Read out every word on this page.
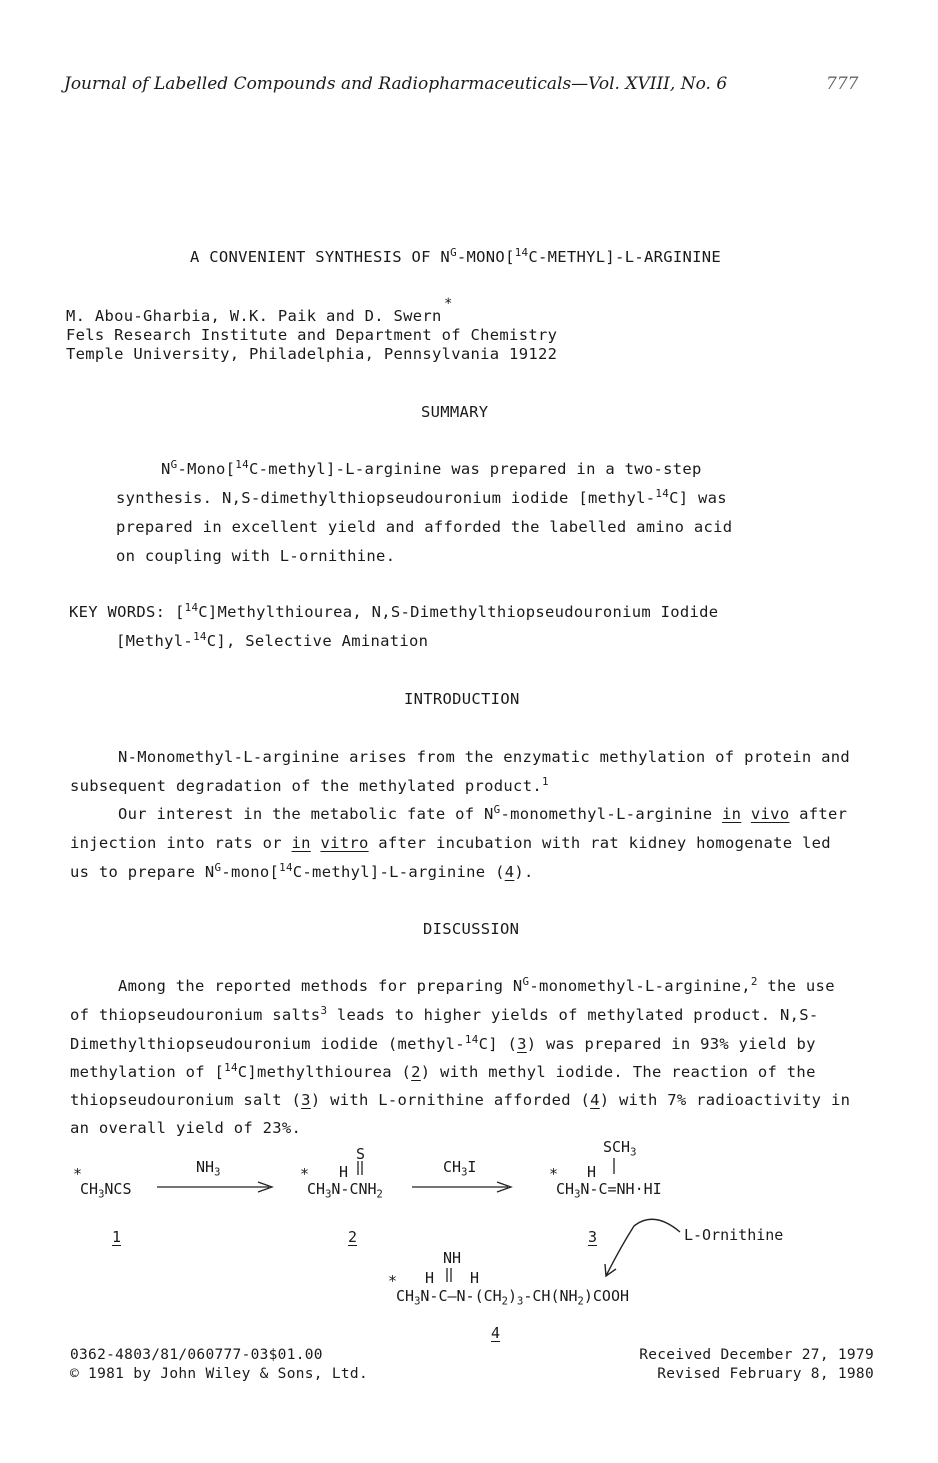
Journal of Labelled Compounds and Radiopharmaceuticals—Vol. XVIII, No. 6	777
A CONVENIENT SYNTHESIS OF $N^G-MONO[^{14}C-METHYL]-L$-ARGININE
*
M. Abou-Gharbia, W.K. Paik and D. Swern
Fels Research Institute and Department of Chemistry
Temple University, Philadelphia, Pennsylvania 19122
SUMMARY
$N^G-Mono[^{14}C-methyl]-L$-arginine was prepared in a two-step
synthesis. N,S-dimethylthiopseudouronium iodide [methyl-$^{14}$C] was
prepared in excellent yield and afforded the labelled amino acid
on coupling with L-ornithine.
KEY WORDS: [$^{14}$C]Methylthiourea, N,S-Dimethylthiopseudouronium Iodide
[Methyl-$^{14}$C], Selective Amination
INTRODUCTION
N-Monomethyl-L-arginine arises from the enzymatic methylation of protein and
subsequent degradation of the methylated product.$^1$
Our interest in the metabolic fate of $N^G-monomethyl-L$-arginine in vivo after
injection into rats or in vitro after incubation with rat kidney homogenate led
us to prepare $N^G-mono[^{14}C-methyl]-L$-arginine (4).
DISCUSSION
Among the reported methods for preparing $N^G-monomethyl-L-arginine,^2$ the use
of thiopseudouronium salts$^3$ leads to higher yields of methylated product. N,S-
Dimethylthiopseudouronium iodide (methyl-$^{14}$C] (3) was prepared in 93% yield by
methylation of [$^{14}$C]methylthiourea (2) with methyl iodide. The reaction of the
thiopseudouronium salt (3) with L-ornithine afforded (4) with 7% radioactivity in
an overall yield of 23%.
*
$CH_3NCS$
1
$NH_3$
S
* H
$CH_3N-CNH_2$
2
$CH_3I$
$SCH_3$
* H
$CH_3N-C=NH\cdot HI$
3	L-Ornithine
NH
* H H
$CH_3N-C—N-(CH_2)_3-CH(NH_2)COOH$
4
0362-4803/81/060777-03$01.00
© 1981 by John Wiley & Sons, Ltd.
Received December 27, 1979
Revised February 8, 1980
